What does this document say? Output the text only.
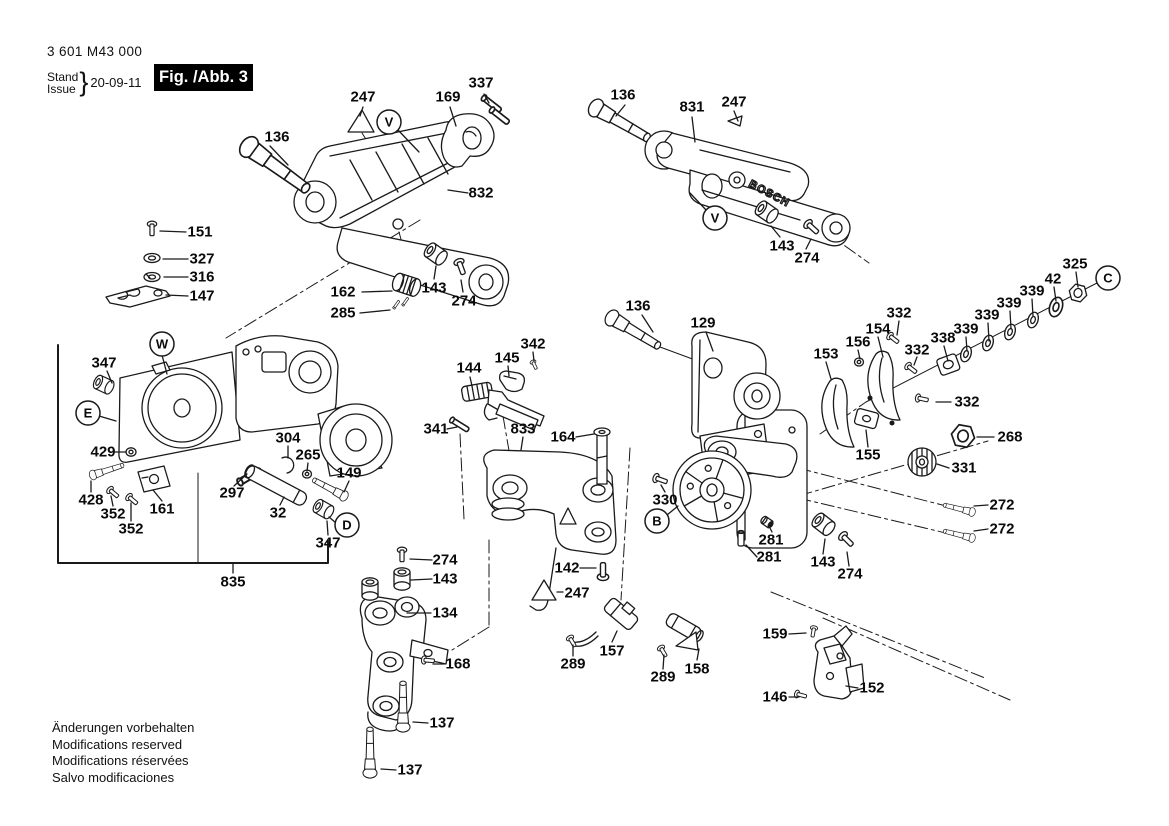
BOSCH
136
247	169
337
832
151
327
316
147	162
285
143
274
136
831 247
143
274
136
129
342
145
144
341	833 164
325
42
339
339
339
339
332
332
332
154
156	338
153
268
331
155
347
429
428
352
352
161
297
304
265
149
32
347
835
330
281
281
272
272
143
274
274
143
134
168
142
247
157
289
289 158
159
146
152
137
137
V
V
C
W
E
D	B
3 601 M43 000
Stand
Issue } 20-09-11	Fig. /Abb. 3
Änderungen vorbehalten
Modifications reserved
Modifications réservées
Salvo modificaciones
